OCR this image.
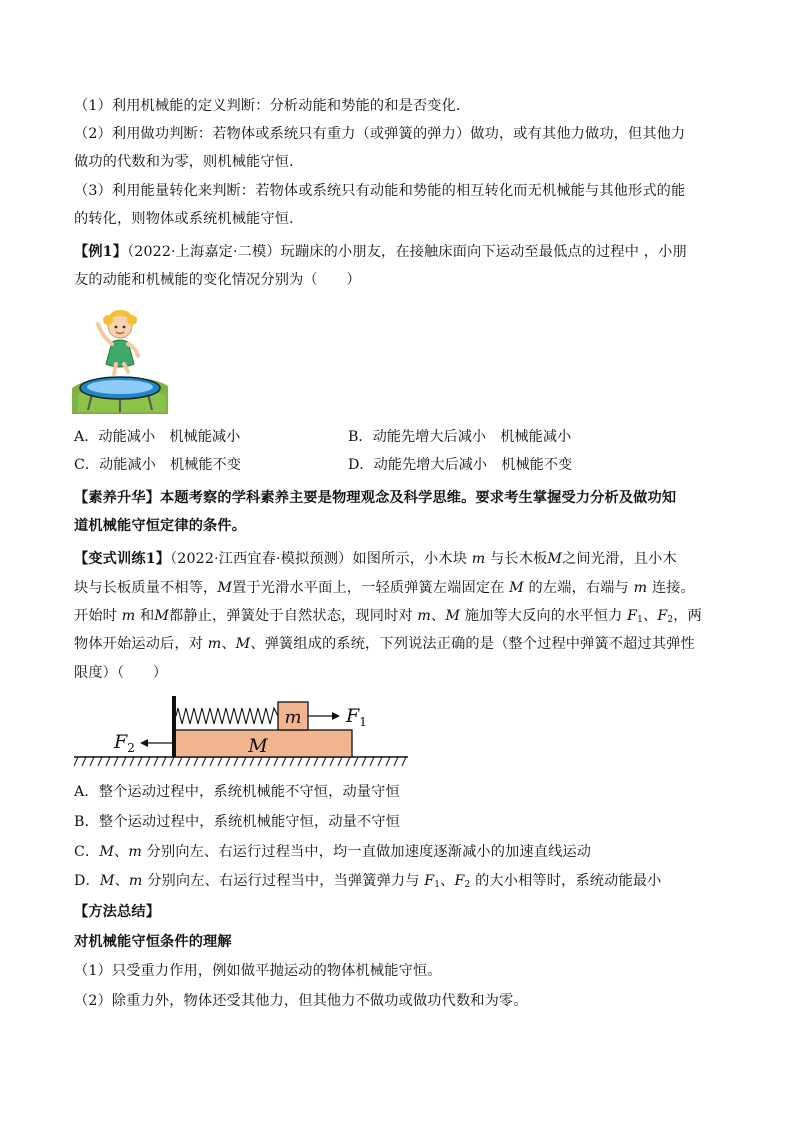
（1）利用机械能的定义判断：分析动能和势能的和是否变化．
（2）利用做功判断：若物体或系统只有重力（或弹簧的弹力）做功，或有其他力做功，但其他力
做功的代数和为零，则机械能守恒．
（3）利用能量转化来判断：若物体或系统只有动能和势能的相互转化而无机械能与其他形式的能
的转化，则物体或系统机械能守恒．
【例1】（2022·上海嘉定·二模）玩蹦床的小朋友，在接触床面向下运动至最低点的过程中 ，小朋
友的动能和机械能的变化情况分别为（　　）
A．动能减小　机械能减小	B．动能先增大后减小　机械能减小
C．动能减小　机械能不变	D．动能先增大后减小　机械能不变
【素养升华】本题考察的学科素养主要是物理观念及科学思维。要求考生掌握受力分析及做功知
道机械能守恒定律的条件。
【变式训练1】（2022·江西宜春·模拟预测）如图所示，小木块 m 与长木板M之间光滑，且小木
块与长板质量不相等，M置于光滑水平面上，一轻质弹簧左端固定在 M 的左端，右端与 m 连接。
开始时 m 和M都静止，弹簧处于自然状态，现同时对 m、M 施加等大反向的水平恒力 $F_1$、$F_2$，两
物体开始运动后，对 m、M、弹簧组成的系统，下列说法正确的是（整个过程中弹簧不超过其弹性
限度）（　　）
M
m $F_1$
$F_2$
A．整个运动过程中，系统机械能不守恒，动量守恒
B．整个运动过程中，系统机械能守恒，动量不守恒
C．M、m 分别向左、右运行过程当中，均一直做加速度逐渐减小的加速直线运动
D．M、m 分别向左、右运行过程当中，当弹簧弹力与 $F_1$、$F_2$ 的大小相等时，系统动能最小
【方法总结】
对机械能守恒条件的理解
（1）只受重力作用，例如做平抛运动的物体机械能守恒。
（2）除重力外，物体还受其他力，但其他力不做功或做功代数和为零。
